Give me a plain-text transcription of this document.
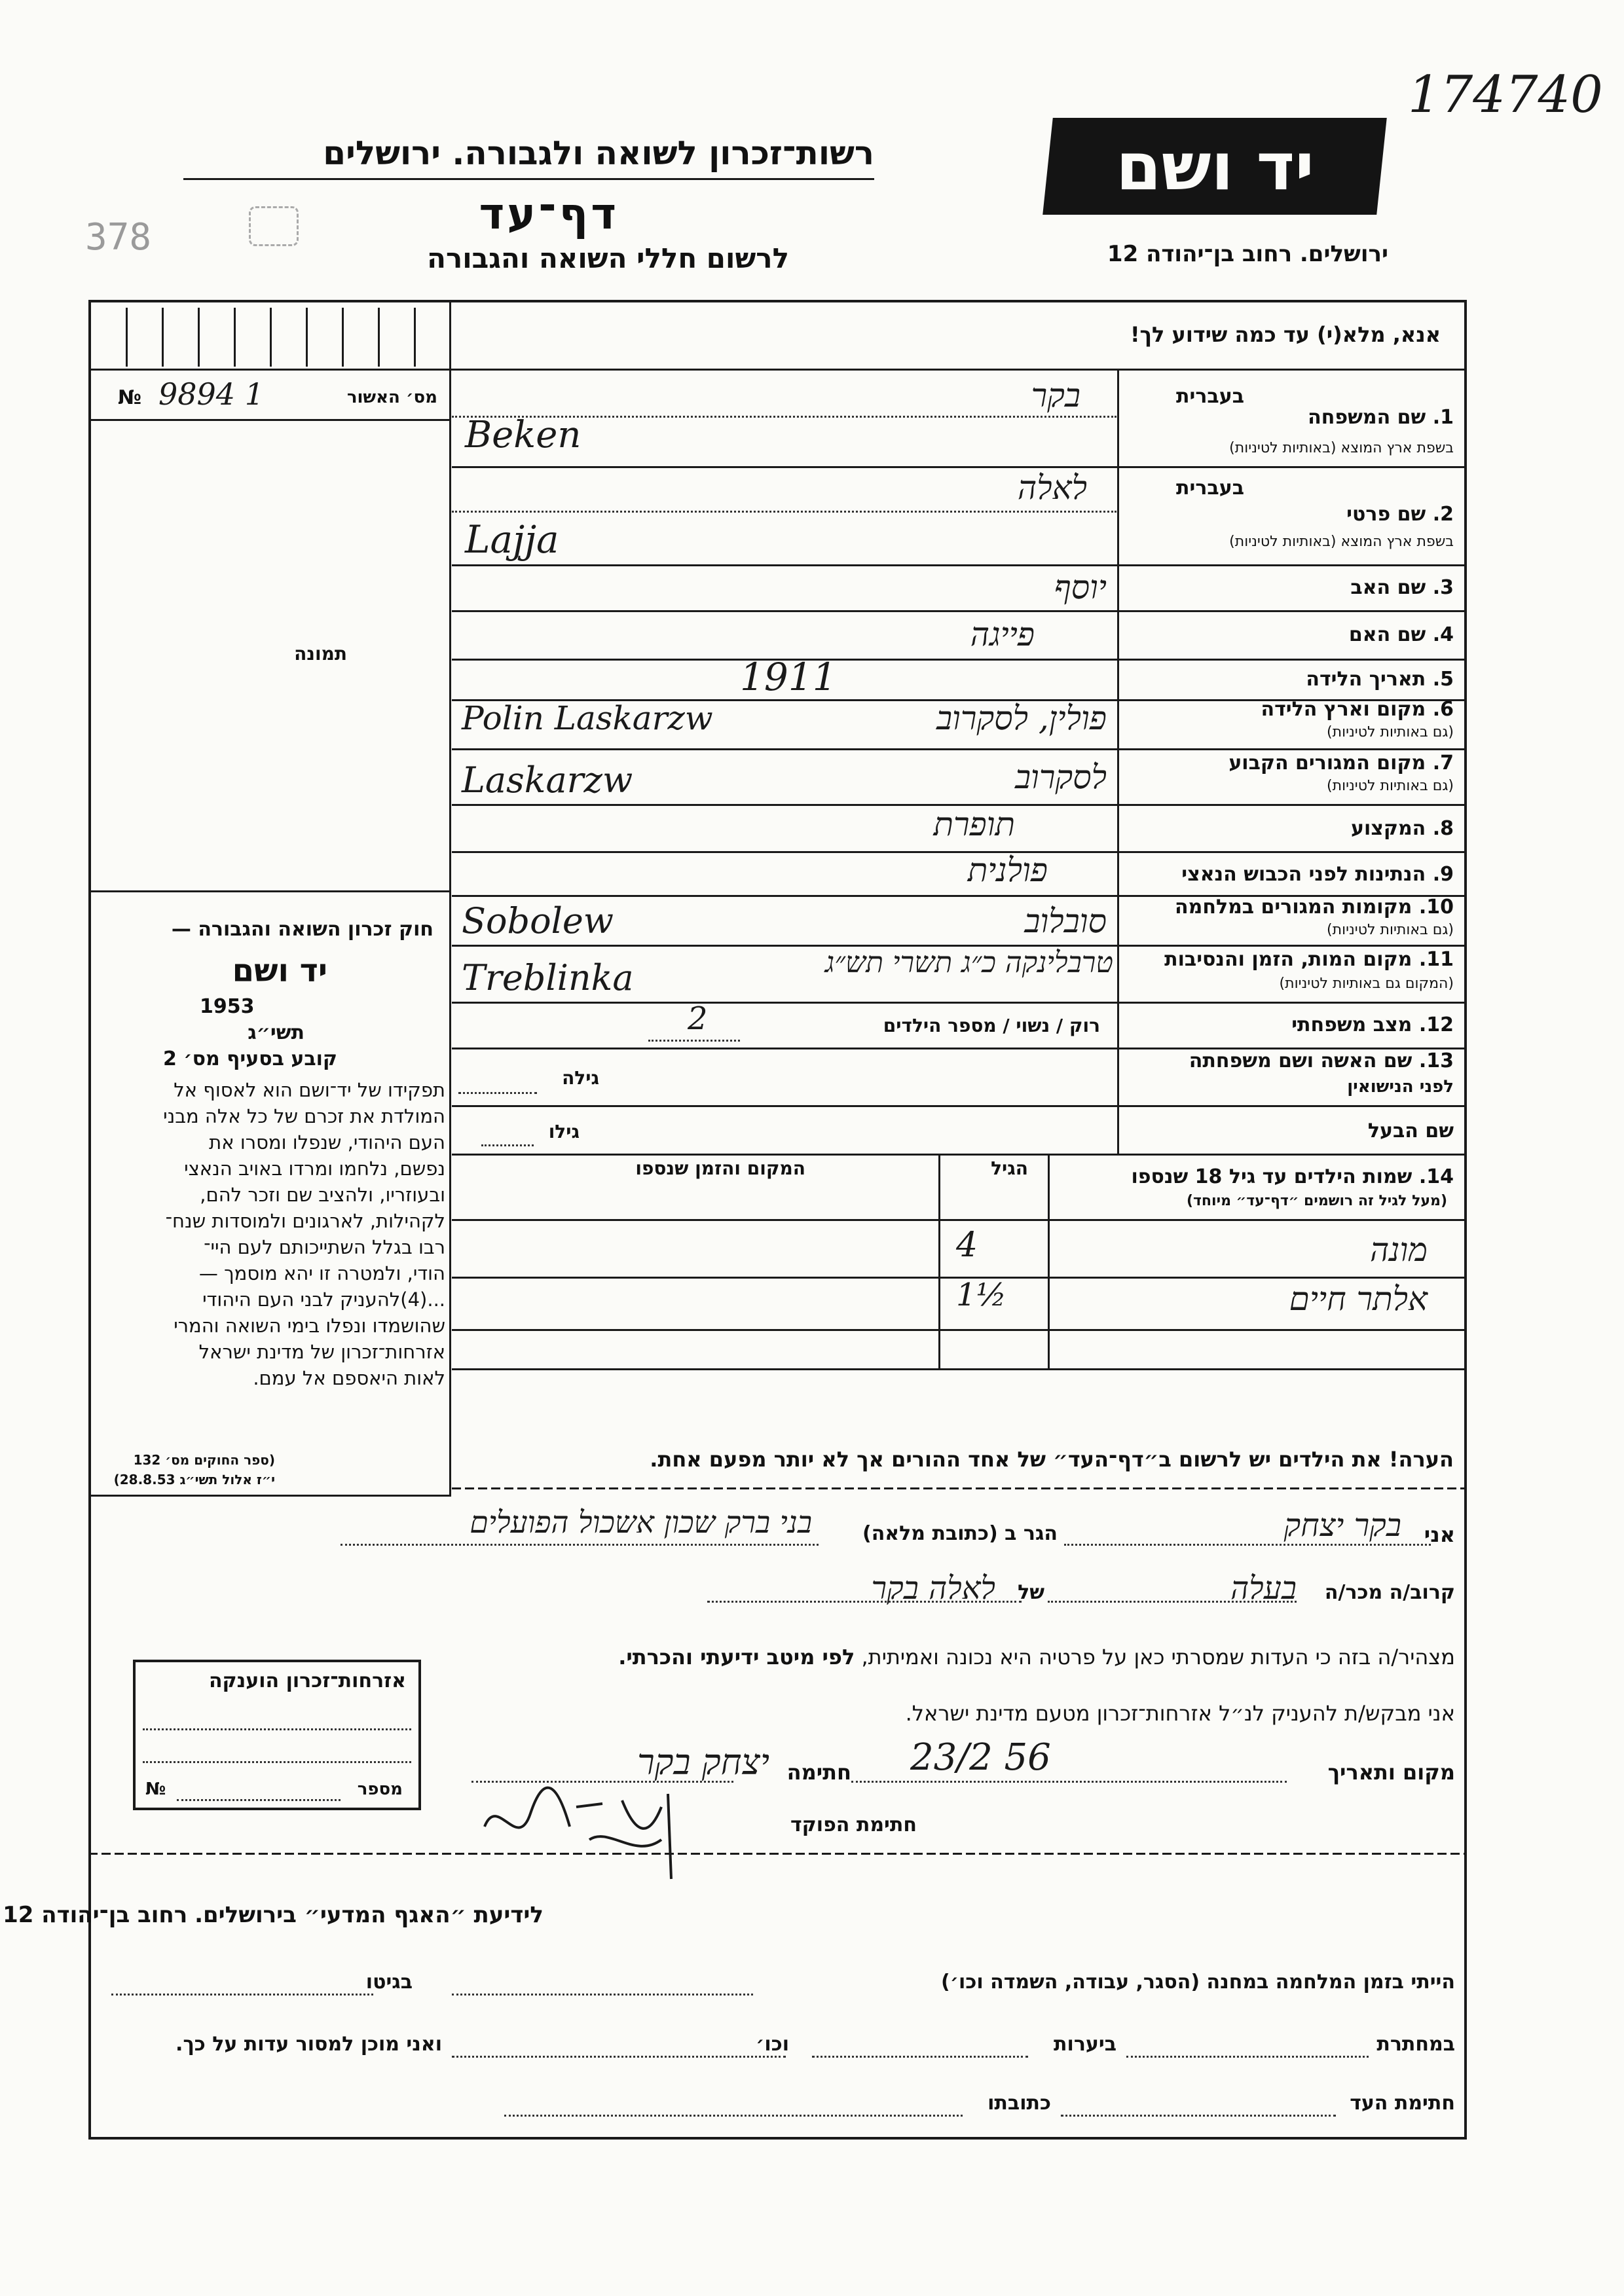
174740
378
רשות־זכרון לשואה ולגבורה. ירושלים
דף־עד
לרשום חללי השואה והגבורה
יד ושם
ירושלים. רחוב בן־יהודה 12
אנא, מלא(י) עד כמה שידוע לך!
מס׳ האשור
9894 1
№
תמונה
בעברית
1. שם המשפחה
בשפת ארץ המוצא (באותיות לטיניות)
בקר
Beken
בעברית
2. שם פרטי
בשפת ארץ המוצא (באותיות לטיניות)
לאלה
Lajja
3. שם האב
יוסף
4. שם האם
פייגה
5. תאריך הלידה
1911
6. מקום וארץ הלידה
(גם באותיות לטיניות)
פולין, לסקרוב
Polin Laskarzw
7. מקום המגורים הקבוע
(גם באותיות לטיניות)
לסקרוב
Laskarzw
8. המקצוע
תופרת
9. הנתינות לפני הכבוש הנאצי
פולנית
10. מקומות המגורים במלחמה
(גם באותיות לטיניות)
סובלוב
Sobolew
11. מקום המות, הזמן והנסיבות
(המקום גם באותיות לטיניות)
טרבלינקה כ״ג תשרי תש״ג
Treblinka
12. מצב משפחתי
רוק / נשוי / מספר הילדים
2
13. שם האשה ושם משפחתה
לפני הנישואין
גילה
שם הבעל
גילו
14. שמות הילדים עד גיל 18 שנספו
(מעל לגיל זה רושמים ״דף־עד״ מיוחד)
הגיל
המקום והזמן שנספו
מונה
4
אלתר חיים
1½
חוק זכרון השואה והגבורה —
יד ושם
1953
תשי״ג
קובע בסעיף מס׳ 2
תפקידו של יד־ושם הוא לאסוף אל
המולדת את זכרם של כל אלה מבני
העם היהודי, שנפלו ומסרו את
נפשם, נלחמו ומרדו באויב הנאצי
ובעוזריו, ולהציב שם וזכר להם,
לקהילות, לארגונים ולמוסדות שנח־
רבו בגלל השתייכותם לעם היי־
הודי, ולמטרה זו יהא מוסמך —
...(4)להעניק לבני העם היהודי
שהושמדו ונפלו בימי השואה והמרי
אזרחות־זכרון של מדינת ישראל
לאות היאספם אל עמם.
(ספר החוקים מס׳ 132
י״ז אלול תשי״ג 28.8.53)
הערה! את הילדים יש לרשום ב״דף־העד״ של אחד ההורים אך לא יותר מפעם אחת.
אני
בקר יצחק
הגר ב (כתובת מלאה)
בני ברק שכון אשכול הפועלים
קרוב/ה מכר/ה
בעלה
של
לאלה בקר
מצהיר/ה בזה כי העדות שמסרתי כאן על פרטיה היא נכונה ואמיתית, לפי מיטב ידיעתי והכרתי.
אני מבקש/ת להעניק לנ״ל אזרחות־זכרון מטעם מדינת ישראל.
מקום ותאריך
23/2 56
חתימה
יצחק בקר
חתימת הפוקד
אזרחות־זכרון הוענקה
מספר
№
לידיעת ״האגף המדעי״ בירושלים. רחוב בן־יהודה 12
הייתי בזמן המלחמה במחנה (הסגר, עבודה, השמדה וכו׳)
בגיטו
במחתרת
ביערות
וכו׳
ואני מוכן למסור עדות על כך.
חתימת העד
כתובתו
